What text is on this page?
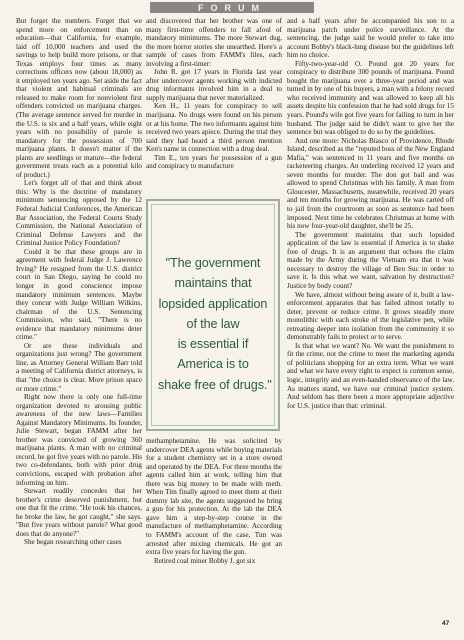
FORUM

But forget the numbers. Forget that we spend more on enforcement than on education—that California, for example, laid off 10,000 teachers and used the savings to help build more prisons, or that Texas employs four times as many corrections officers now (about 18,000) as it employed ten years ago. Set aside the fact that violent and habitual criminals are released to make room for nonviolent first offenders convicted on marijuana charges. (The average sentence served for murder in the U.S. is six and a half years, while eight years with no possibility of parole is mandatory for the possession of 700 marijuana plants. It doesn't matter if the plants are seedlings or mature—the federal government treats each as a potential kilo of product.)

Let's forget all of that and think about this: Why is the doctrine of mandatory minimum sentencing opposed by the 12 Federal Judicial Conferences, the American Bar Association, the Federal Courts Study Commission, the National Association of Criminal Defense Lawyers and the Criminal Justice Policy Foundation?

Could it be that these groups are in agreement with federal Judge J. Lawrence Irving? He resigned from the U.S. district court in San Diego, saying he could no longer in good conscience impose mandatory minimum sentences. Maybe they concur with Judge William Wilkins, chairman of the U.S. Sentencing Commission, who said, "There is no evidence that mandatory minimums deter crime."

Or are these individuals and organizations just wrong? The government line, as Attorney General William Barr told a meeting of California district attorneys, is that "the choice is clear. More prison space or more crime."

Right now there is only one full-time organization devoted to arousing public awareness of the new laws—Families Against Mandatory Minimums. Its founder, Julie Stewart, began FAMM after her brother was convicted of growing 360 marijuana plants. A man with no criminal record, he got five years with no parole. His two co-defendants, both with prior drug convictions, escaped with probation after informing on him.

Stewart readily concedes that her brother's crime deserved punishment, but one that fit the crime. "He took his chances, he broke the law, he got caught," she says. "But five years without parole? What good does that do anyone?"

She began researching other cases

and discovered that her brother was one of many first-time offenders to fall afoul of mandatory minimums. The more Stewart dug, the more horror stories she unearthed. Here's a sample of cases from FAMM's files, each involving a first-timer:

John R. got 17 years in Florida last year after undercover agents working with indicted drug informants involved him in a deal to supply marijuana that never materialized.

Ken H., 11 years for conspiracy to sell marijuana. No drugs were found on his person or at his home. The two informants against him received two years apiece. During the trial they said they had heard a third person mention Ken's name in connection with a drug deal.

Tim E., ten years for possession of a gun and conspiracy to manufacture

"The government
maintains that
lopsided application
of the law
is essential if
America is to
shake free of drugs."

methamphetamine. He was solicited by undercover DEA agents while buying materials for a student chemistry set in a store owned and operated by the DEA. For three months the agents called him at work, telling him that there was big money to be made with meth. When Tim finally agreed to meet them at their dummy lab site, the agents suggested he bring a gun for his protection. At the lab the DEA gave him a step-by-step course in the manufacture of methamphetamine. According to FAMM's account of the case, Tim was arrested after mixing chemicals. He got an extra five years for having the gun.

Retired coal miner Bobby J. got six

and a half years after he accompanied his son to a marijuana patch under police surveillance. At the sentencing, the judge said he would prefer to take into account Bobby's black-lung disease but the guidelines left him no choice.

Fifty-two-year-old O. Pound got 20 years for conspiracy to distribute 300 pounds of marijuana. Pound bought the marijuana over a three-year period and was turned in by one of his buyers, a man with a felony record who received immunity and was allowed to keep all his assets despite his confession that he had sold drugs for 15 years. Pound's wife got five years for failing to turn in her husband. The judge said he didn't want to give her the sentence but was obliged to do so by the guidelines.

And one more: Nicholas Biasco of Providence, Rhode Island, described as the "reputed boss of the New England Mafia," was sentenced to 11 years and five months on racketeering charges. An underling received 12 years and seven months for murder. The don got bail and was allowed to spend Christmas with his family. A man from Gloucester, Massachusetts, meanwhile, received 20 years and ten months for growing marijuana. He was carted off to jail from the courtroom as soon as sentence had been imposed. Next time he celebrates Christmas at home with his now four-year-old daughter, she'll be 25.

The government maintains that such lopsided application of the law is essential if America is to shake free of drugs. It is an argument that echoes the claim made by the Army during the Vietnam era that it was necessary to destroy the village of Ben Suc in order to save it. Is this what we want, salvation by destruction? Justice by body count?

We have, almost without being aware of it, built a law-enforcement apparatus that has failed almost totally to deter, prevent or reduce crime. It grows steadily more monolithic with each stroke of the legislative pen, while retreating deeper into isolation from the community it so demonstrably fails to protect or to serve.

Is that what we want? No. We want the punishment to fit the crime, not the crime to meet the marketing agenda of politicians shopping for an extra term. What we want and what we have every right to expect is common sense, logic, integrity and an even-handed observance of the law. As matters stand, we have our criminal justice system. And seldom has there been a more appropriate adjective for U.S. justice than that: criminal.

47
